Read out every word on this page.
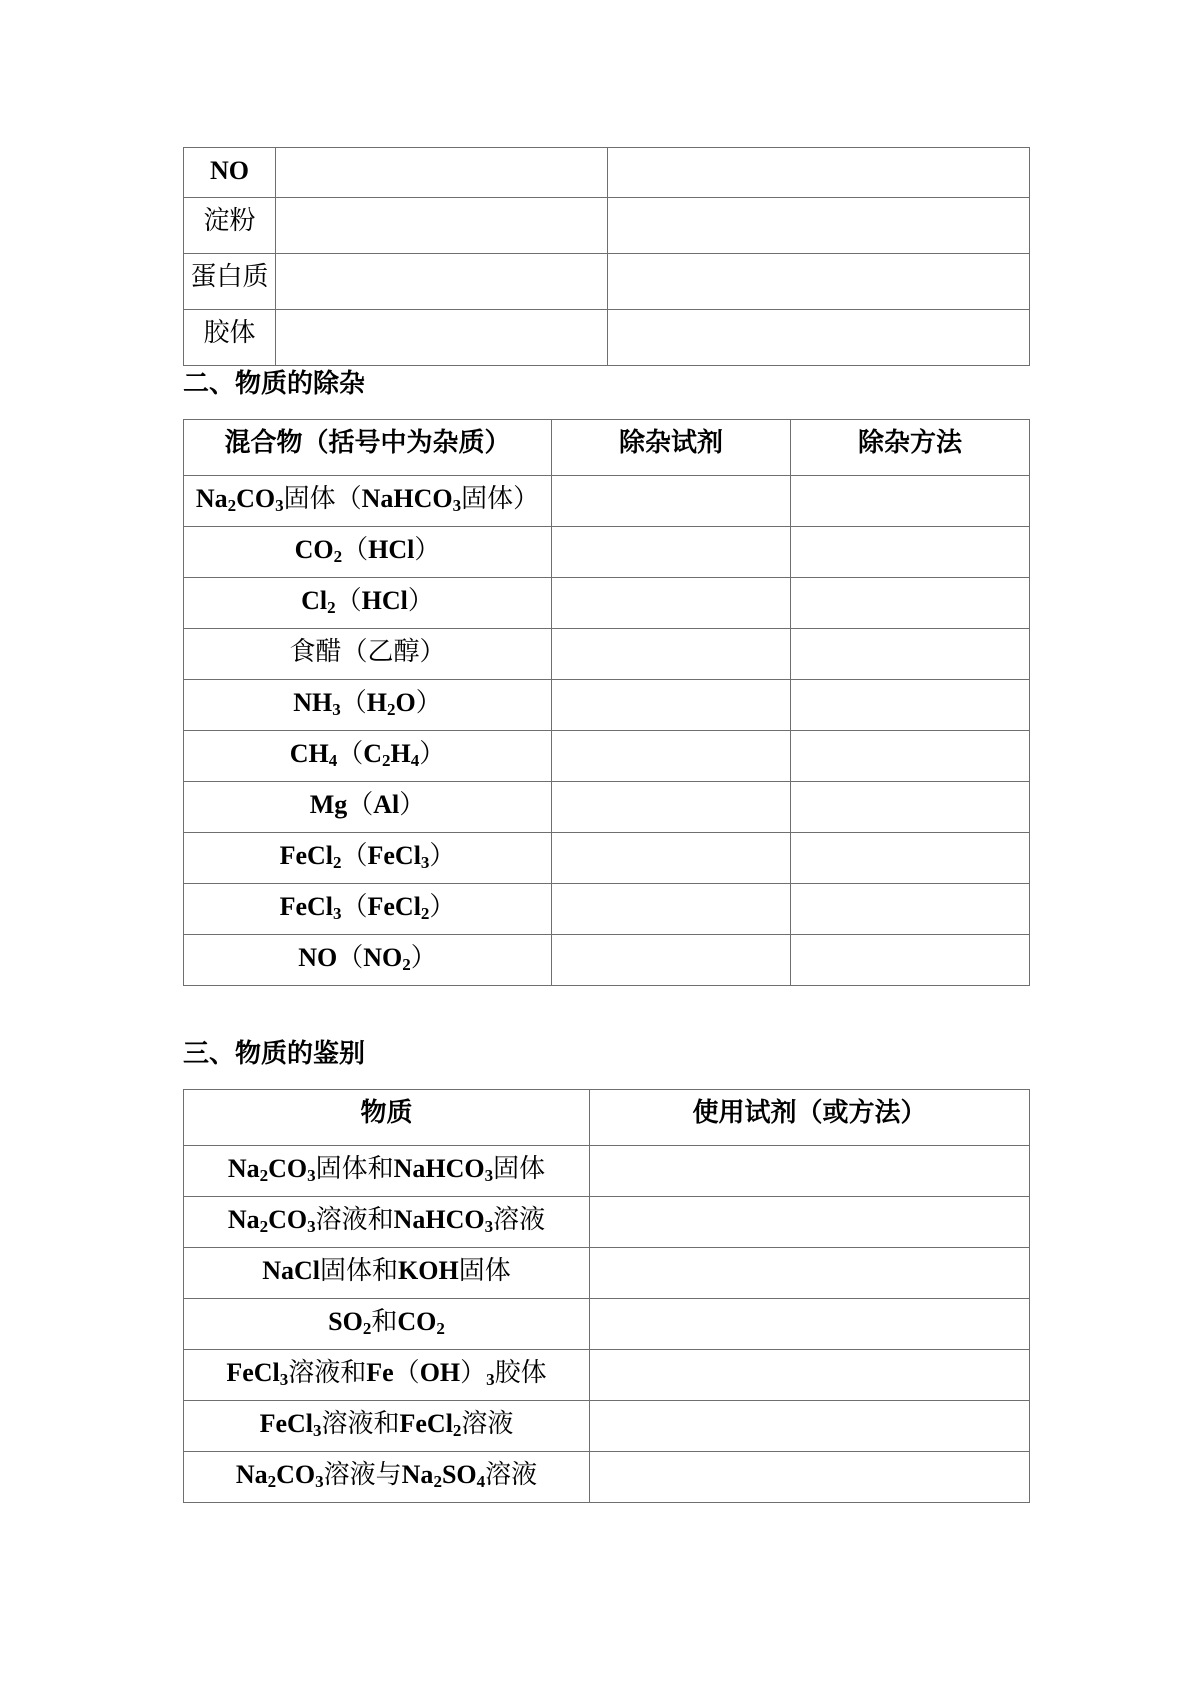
NO		

淀粉		

蛋白质		

胶体		

二、物质的除杂
混合物（括号中为杂质）	除杂试剂	除杂方法

$Na_2CO_3$固体（NaHCO$_3$固体）		

$CO_2(HCl)$		

$Cl_2(HCl)$		

食醋（乙醇）		

$NH_3(H_2O)$		

$CH_4(C_2H_4)$		

Mg（Al）		

FeCl$_2$（FeCl$_3$）		

FeCl$_3$（FeCl$_2$）		

$NO(NO_2)$		

三、物质的鉴别
物质	使用试剂（或方法）

$Na_2CO_3$固体和NaHCO$_3$固体	

$Na_2CO_3$溶液和NaHCO$_3$溶液	

NaCl固体和KOH固体	

$SO_2$和$CO_2$

FeCl$_3$溶液和$Fe(OH)_3$胶体	

FeCl$_3$溶液和FeCl$_2$溶液	

$Na_2CO_3$溶液与$Na_2SO_4$溶液	
